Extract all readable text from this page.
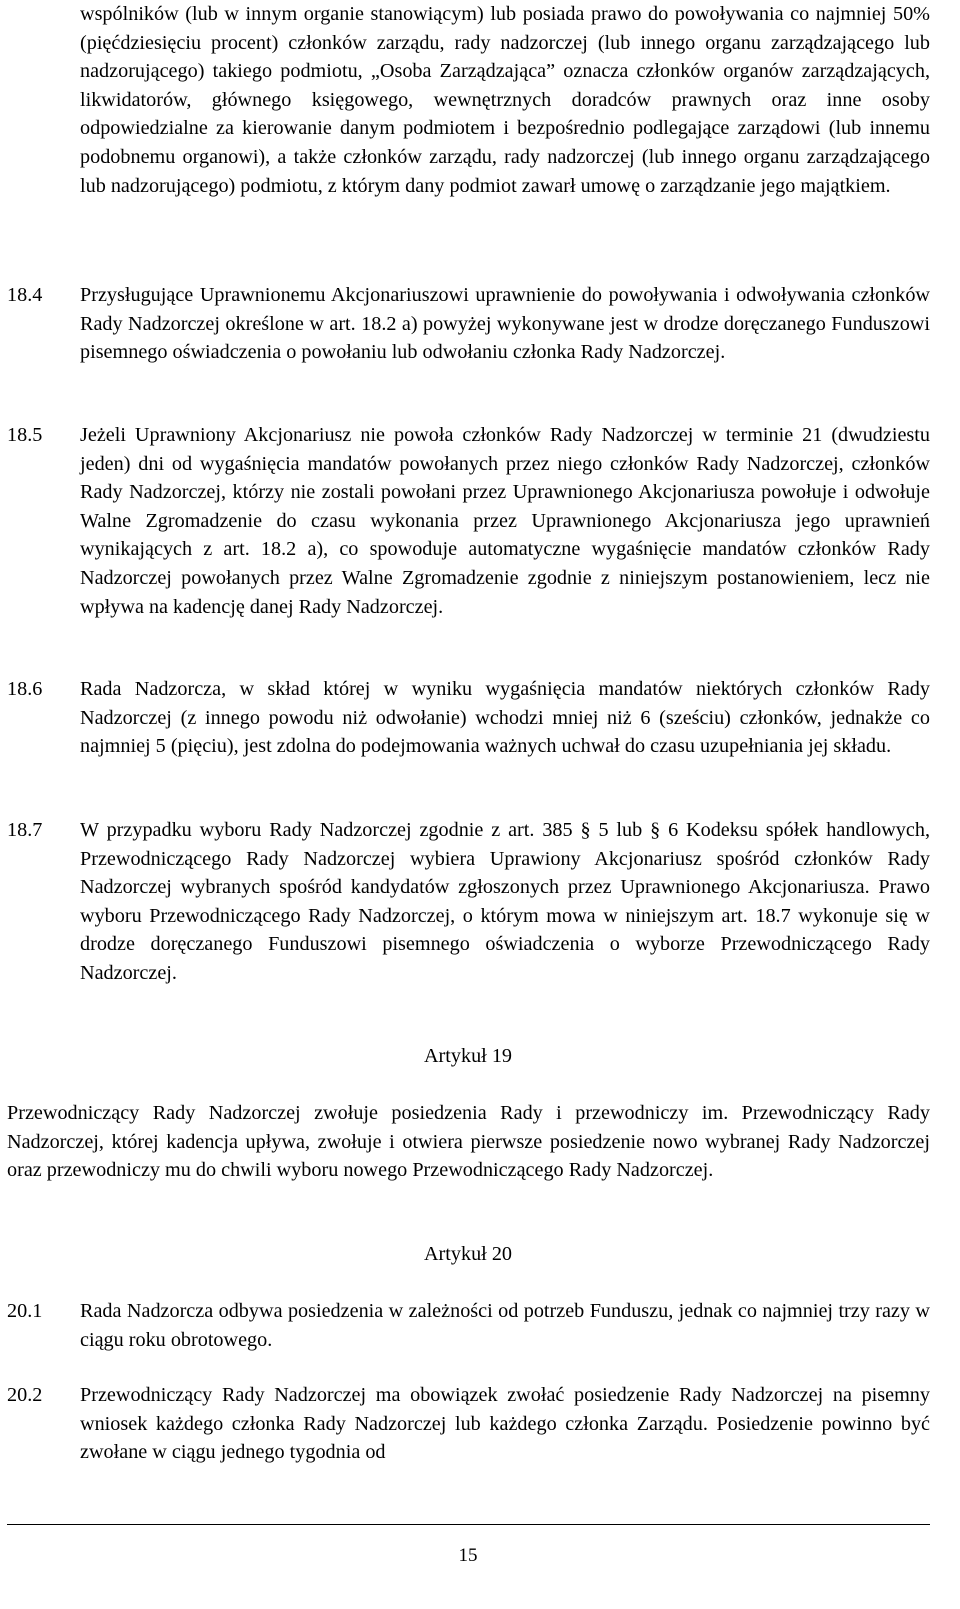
wspólników (lub w innym organie stanowiącym) lub posiada prawo do powoływania co najmniej 50% (pięćdziesięciu procent) członków zarządu, rady nadzorczej (lub innego organu zarządzającego lub nadzorującego) takiego podmiotu, „Osoba Zarządzająca” oznacza członków organów zarządzających, likwidatorów, głównego księgowego, wewnętrznych doradców prawnych oraz inne osoby odpowiedzialne za kierowanie danym podmiotem i bezpośrednio podlegające zarządowi (lub innemu podobnemu organowi), a także członków zarządu, rady nadzorczej (lub innego organu zarządzającego lub nadzorującego) podmiotu, z którym dany podmiot zawarł umowę o zarządzanie jego majątkiem.
18.4	Przysługujące Uprawnionemu Akcjonariuszowi uprawnienie do powoływania i odwoływania członków Rady Nadzorczej określone w art. 18.2 a) powyżej wykonywane jest w drodze doręczanego Funduszowi pisemnego oświadczenia o powołaniu lub odwołaniu członka Rady Nadzorczej.
18.5	Jeżeli Uprawniony Akcjonariusz nie powoła członków Rady Nadzorczej w terminie 21 (dwudziestu jeden) dni od wygaśnięcia mandatów powołanych przez niego członków Rady Nadzorczej, członków Rady Nadzorczej, którzy nie zostali powołani przez Uprawnionego Akcjonariusza powołuje i odwołuje Walne Zgromadzenie do czasu wykonania przez Uprawnionego Akcjonariusza jego uprawnień wynikających z art. 18.2 a), co spowoduje automatyczne wygaśnięcie mandatów członków Rady Nadzorczej powołanych przez Walne Zgromadzenie zgodnie z niniejszym postanowieniem, lecz nie wpływa na kadencję danej Rady Nadzorczej.
18.6	Rada Nadzorcza, w skład której w wyniku wygaśnięcia mandatów niektórych członków Rady Nadzorczej (z innego powodu niż odwołanie) wchodzi mniej niż 6 (sześciu) członków, jednakże co najmniej 5 (pięciu), jest zdolna do podejmowania ważnych uchwał do czasu uzupełniania jej składu.
18.7	W przypadku wyboru Rady Nadzorczej zgodnie z art. 385 § 5 lub § 6 Kodeksu spółek handlowych, Przewodniczącego Rady Nadzorczej wybiera Uprawiony Akcjonariusz spośród członków Rady Nadzorczej wybranych spośród kandydatów zgłoszonych przez Uprawnionego Akcjonariusza. Prawo wyboru Przewodniczącego Rady Nadzorczej, o którym mowa w niniejszym art. 18.7 wykonuje się w drodze doręczanego Funduszowi pisemnego oświadczenia o wyborze Przewodniczącego Rady Nadzorczej.
Artykuł 19
Przewodniczący Rady Nadzorczej zwołuje posiedzenia Rady i przewodniczy im. Przewodniczący Rady Nadzorczej, której kadencja upływa, zwołuje i otwiera pierwsze posiedzenie nowo wybranej Rady Nadzorczej oraz przewodniczy mu do chwili wyboru nowego Przewodniczącego Rady Nadzorczej.
Artykuł 20
20.1	Rada Nadzorcza odbywa posiedzenia w zależności od potrzeb Funduszu, jednak co najmniej trzy razy w ciągu roku obrotowego.
20.2	Przewodniczący Rady Nadzorczej ma obowiązek zwołać posiedzenie Rady Nadzorczej na pisemny wniosek każdego członka Rady Nadzorczej lub każdego członka Zarządu. Posiedzenie powinno być zwołane w ciągu jednego tygodnia od
15
